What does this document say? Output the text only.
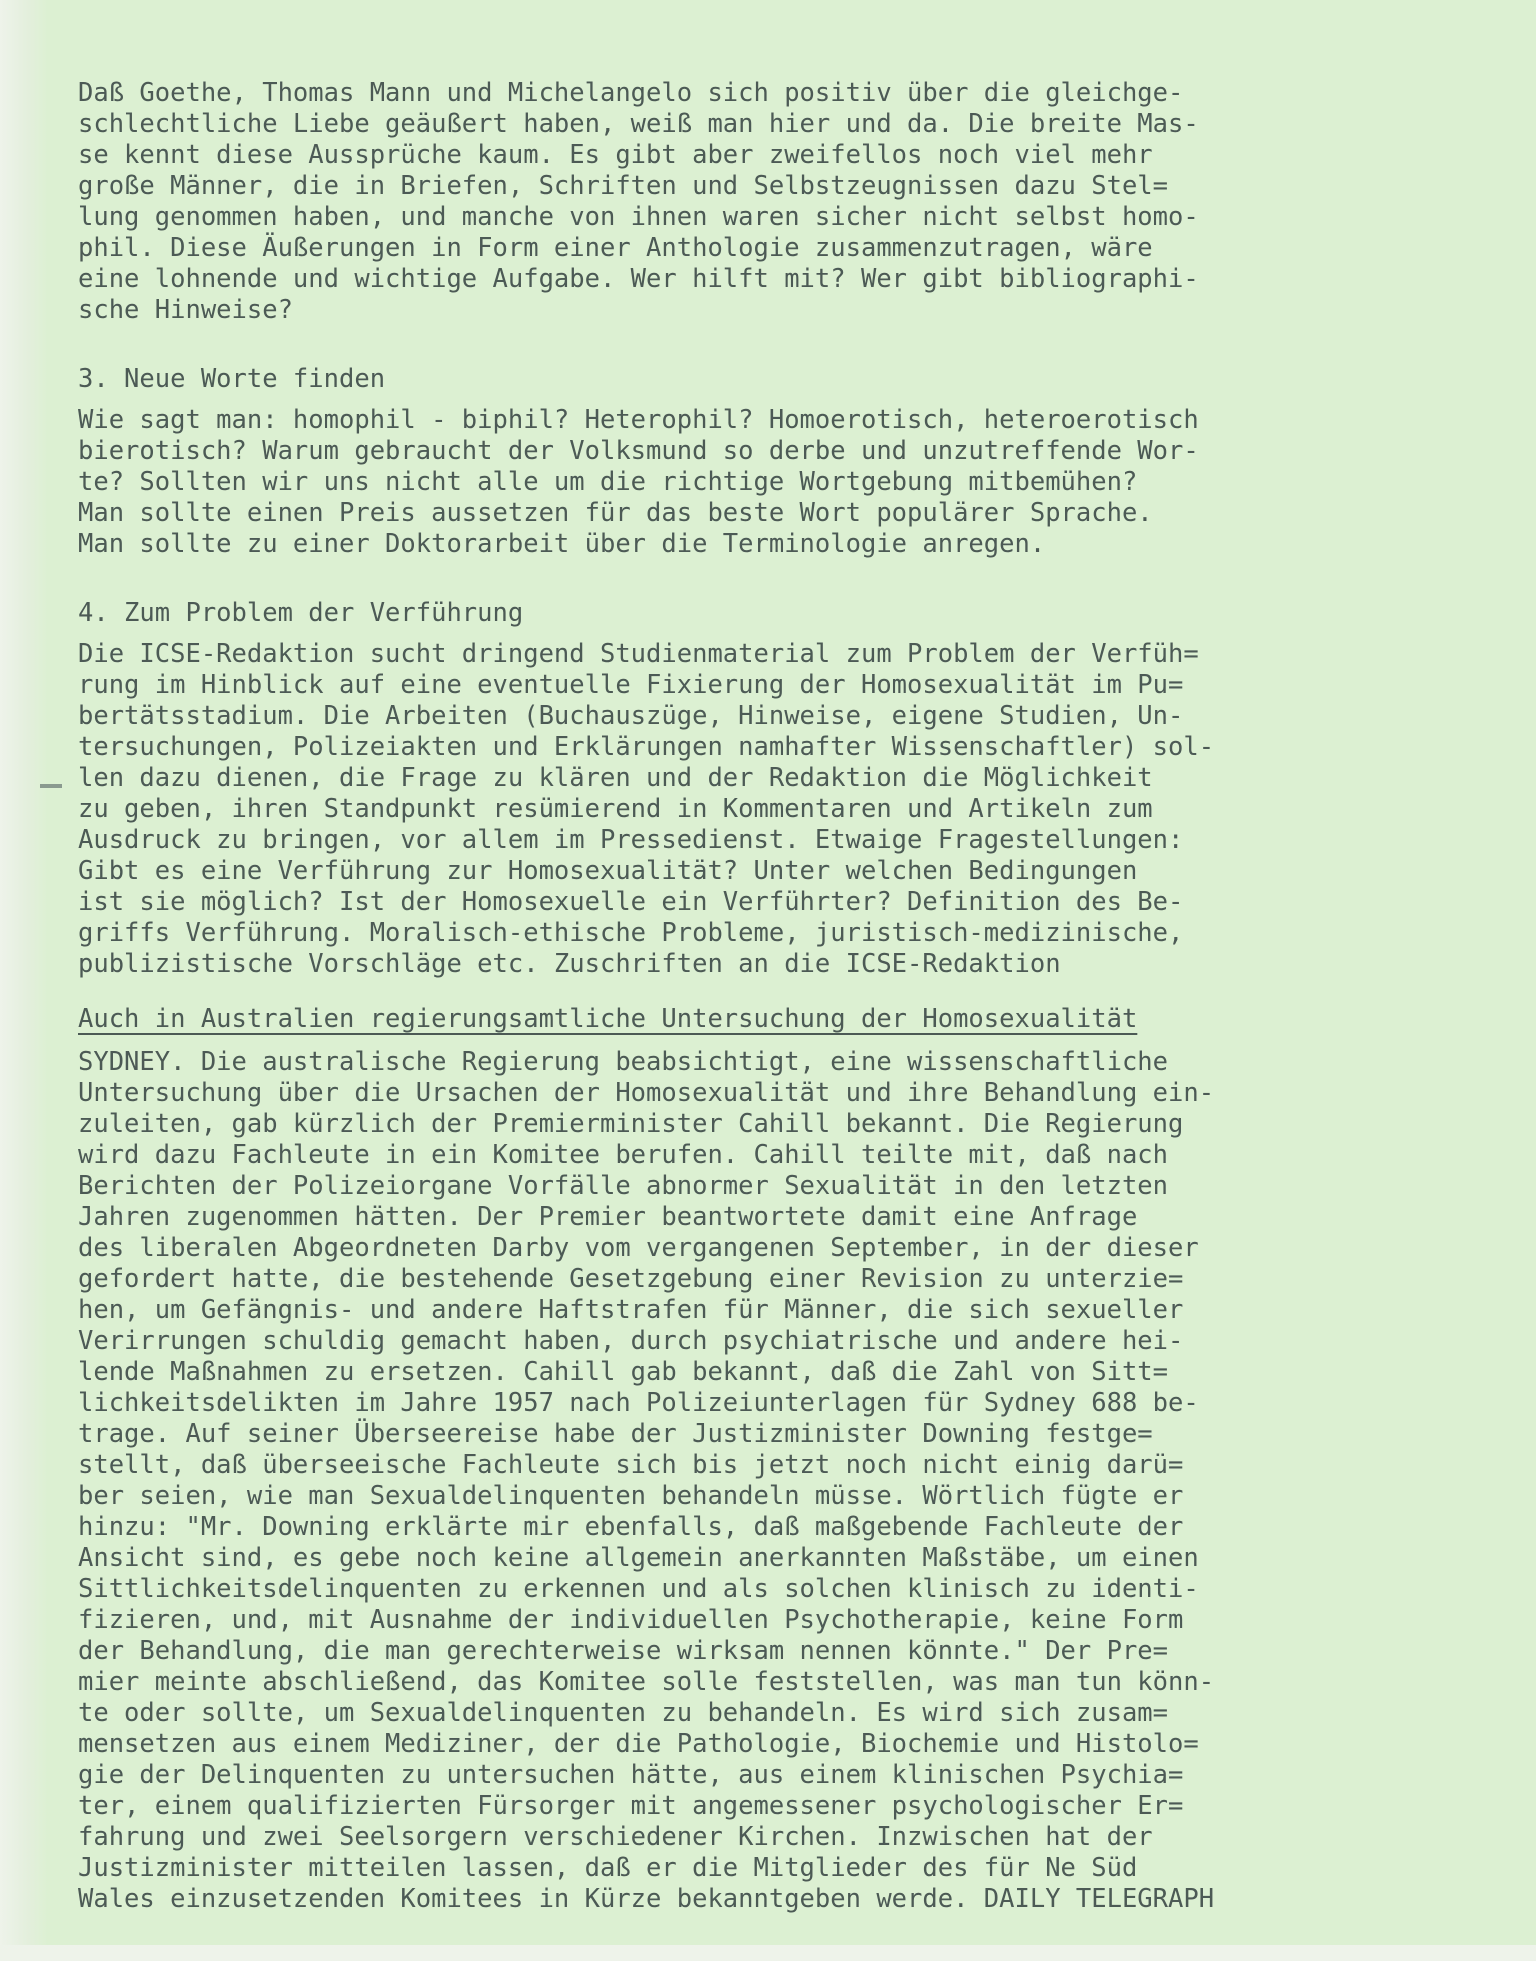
Daß Goethe, Thomas Mann und Michelangelo sich positiv über die gleichge-
schlechtliche Liebe geäußert haben, weiß man hier und da. Die breite Mas-
se kennt diese Aussprüche kaum. Es gibt aber zweifellos noch viel mehr
große Männer, die in Briefen, Schriften und Selbstzeugnissen dazu Stel=
lung genommen haben, und manche von ihnen waren sicher nicht selbst homo-
phil. Diese Äußerungen in Form einer Anthologie zusammenzutragen, wäre
eine lohnende und wichtige Aufgabe. Wer hilft mit? Wer gibt bibliographi-
sche Hinweise?
3. Neue Worte finden
Wie sagt man: homophil - biphil? Heterophil? Homoerotisch, heteroerotisch
bierotisch? Warum gebraucht der Volksmund so derbe und unzutreffende Wor-
te? Sollten wir uns nicht alle um die richtige Wortgebung mitbemühen?
Man sollte einen Preis aussetzen für das beste Wort populärer Sprache.
Man sollte zu einer Doktorarbeit über die Terminologie anregen.
4. Zum Problem der Verführung
Die ICSE-Redaktion sucht dringend Studienmaterial zum Problem der Verfüh=
rung im Hinblick auf eine eventuelle Fixierung der Homosexualität im Pu=
bertätsstadium. Die Arbeiten (Buchauszüge, Hinweise, eigene Studien, Un-
tersuchungen, Polizeiakten und Erklärungen namhafter Wissenschaftler) sol-
len dazu dienen, die Frage zu klären und der Redaktion die Möglichkeit
zu geben, ihren Standpunkt resümierend in Kommentaren und Artikeln zum
Ausdruck zu bringen, vor allem im Pressedienst. Etwaige Fragestellungen:
Gibt es eine Verführung zur Homosexualität? Unter welchen Bedingungen
ist sie möglich? Ist der Homosexuelle ein Verführter? Definition des Be-
griffs Verführung. Moralisch-ethische Probleme, juristisch-medizinische,
publizistische Vorschläge etc. Zuschriften an die ICSE-Redaktion
Auch in Australien regierungsamtliche Untersuchung der Homosexualität
SYDNEY. Die australische Regierung beabsichtigt, eine wissenschaftliche
Untersuchung über die Ursachen der Homosexualität und ihre Behandlung ein-
zuleiten, gab kürzlich der Premierminister Cahill bekannt. Die Regierung
wird dazu Fachleute in ein Komitee berufen. Cahill teilte mit, daß nach
Berichten der Polizeiorgane Vorfälle abnormer Sexualität in den letzten
Jahren zugenommen hätten. Der Premier beantwortete damit eine Anfrage
des liberalen Abgeordneten Darby vom vergangenen September, in der dieser
gefordert hatte, die bestehende Gesetzgebung einer Revision zu unterzie=
hen, um Gefängnis- und andere Haftstrafen für Männer, die sich sexueller
Verirrungen schuldig gemacht haben, durch psychiatrische und andere hei-
lende Maßnahmen zu ersetzen. Cahill gab bekannt, daß die Zahl von Sitt=
lichkeitsdelikten im Jahre 1957 nach Polizeiunterlagen für Sydney 688 be-
trage. Auf seiner Überseereise habe der Justizminister Downing festge=
stellt, daß überseeische Fachleute sich bis jetzt noch nicht einig darü=
ber seien, wie man Sexualdelinquenten behandeln müsse. Wörtlich fügte er
hinzu: "Mr. Downing erklärte mir ebenfalls, daß maßgebende Fachleute der
Ansicht sind, es gebe noch keine allgemein anerkannten Maßstäbe, um einen
Sittlichkeitsdelinquenten zu erkennen und als solchen klinisch zu identi-
fizieren, und, mit Ausnahme der individuellen Psychotherapie, keine Form
der Behandlung, die man gerechterweise wirksam nennen könnte." Der Pre=
mier meinte abschließend, das Komitee solle feststellen, was man tun könn-
te oder sollte, um Sexualdelinquenten zu behandeln. Es wird sich zusam=
mensetzen aus einem Mediziner, der die Pathologie, Biochemie und Histolo=
gie der Delinquenten zu untersuchen hätte, aus einem klinischen Psychia=
ter, einem qualifizierten Fürsorger mit angemessener psychologischer Er=
fahrung und zwei Seelsorgern verschiedener Kirchen. Inzwischen hat der
Justizminister mitteilen lassen, daß er die Mitglieder des für Ne Süd
Wales einzusetzenden Komitees in Kürze bekanntgeben werde. DAILY TELEGRAPH
